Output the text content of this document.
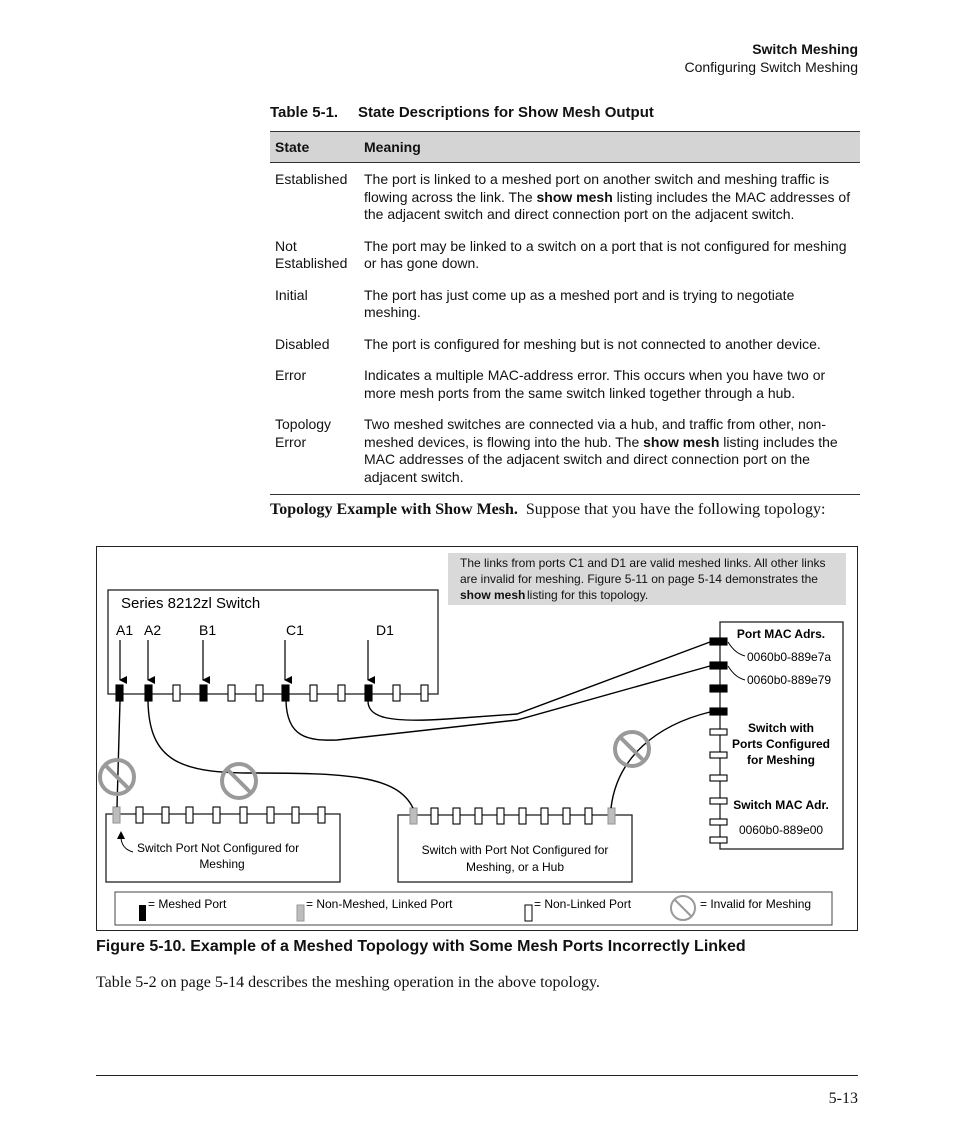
Switch Meshing
Configuring Switch Meshing
Table 5-1. State Descriptions for Show Mesh Output
State	Meaning
Established	The port is linked to a meshed port on another switch and meshing traffic is flowing across the link. The show mesh listing includes the MAC addresses of the adjacent switch and direct connection port on the adjacent switch.
Not Established	The port may be linked to a switch on a port that is not configured for meshing or has gone down.
Initial	The port has just come up as a meshed port and is trying to negotiate meshing.
Disabled	The port is configured for meshing but is not connected to another device.
Error	Indicates a multiple MAC-address error. This occurs when you have two or more mesh ports from the same switch linked together through a hub.
Topology Error	Two meshed switches are connected via a hub, and traffic from other, non-meshed devices, is flowing into the hub. The show mesh listing includes the MAC addresses of the adjacent switch and direct connection port on the adjacent switch.
Topology Example with Show Mesh. Suppose that you have the following topology:
The links from ports C1 and D1 are valid meshed links. All other links are invalid for meshing. Figure 5-11 on page 5-14 demonstrates the show mesh listing for this topology.
Series 8212zl Switch
A1 A2	B1	C1	D1	Port MAC Adrs.
0060b0-889e7a
0060b0-889e79
Switch with
Ports Configured
for Meshing
Switch MAC Adr.
0060b0-889e00
Switch Port Not Configured for
Meshing
Switch with Port Not Configured for
Meshing, or a Hub
= Meshed Port	= Non-Meshed, Linked Port	= Non-Linked Port	= Invalid for Meshing
Figure 5-10. Example of a Meshed Topology with Some Mesh Ports Incorrectly Linked
Table 5-2 on page 5-14 describes the meshing operation in the above topology.
5-13
